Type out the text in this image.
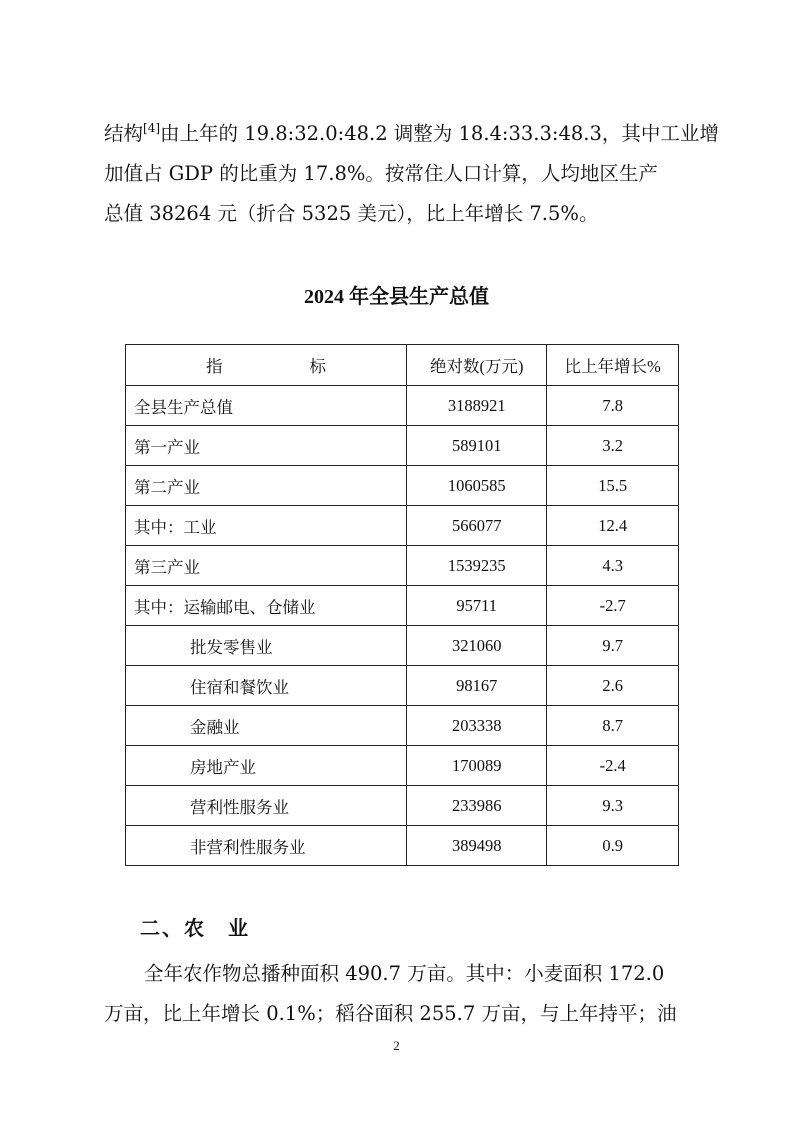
结构[4]由上年的 19.8:32.0:48.2 调整为 18.4:33.3:48.3，其中工业增
加值占 GDP 的比重为 17.8%。按常住人口计算，人均地区生产
总值 38264 元（折合 5325 美元），比上年增长 7.5%。
2024 年全县生产总值
指　　标	绝对数(万元)	比上年增长%
全县生产总值	3188921	7.8
第一产业	589101	3.2
第二产业	1060585	15.5
其中：工业	566077	12.4
第三产业	1539235	4.3
其中：运输邮电、仓储业	95711	-2.7
批发零售业	321060	9.7
住宿和餐饮业	98167	2.6
金融业	203338	8.7
房地产业	170089	-2.4
营利性服务业	233986	9.3
非营利性服务业	389498	0.9
二、农　业
全年农作物总播种面积 490.7 万亩。其中：小麦面积 172.0
万亩，比上年增长 0.1%；稻谷面积 255.7 万亩，与上年持平；油
2
